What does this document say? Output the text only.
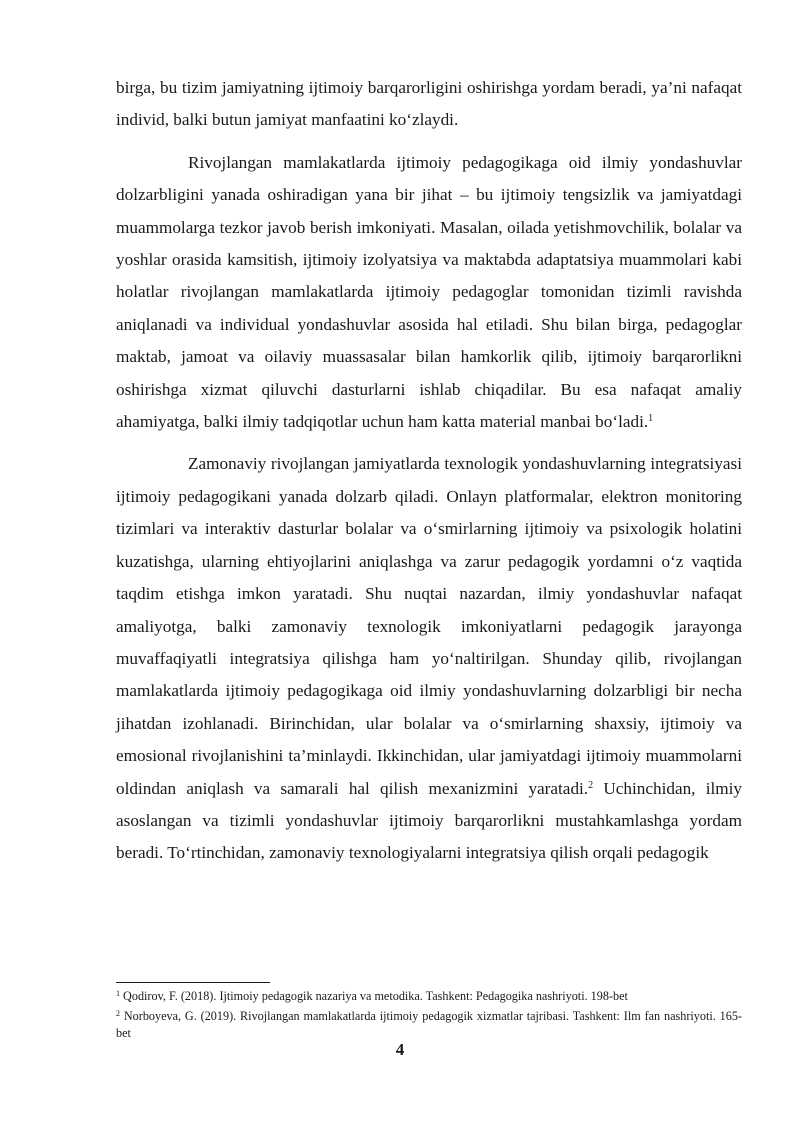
birga, bu tizim jamiyatning ijtimoiy barqarorligini oshirishga yordam beradi, ya’ni nafaqat individ, balki butun jamiyat manfaatini ko‘zlaydi.

Rivojlangan mamlakatlarda ijtimoiy pedagogikaga oid ilmiy yondashuvlar dolzarbligini yanada oshiradigan yana bir jihat – bu ijtimoiy tengsizlik va jamiyatdagi muammolarga tezkor javob berish imkoniyati. Masalan, oilada yetishmovchilik, bolalar va yoshlar orasida kamsitish, ijtimoiy izolyatsiya va maktabda adaptatsiya muammolari kabi holatlar rivojlangan mamlakatlarda ijtimoiy pedagoglar tomonidan tizimli ravishda aniqlanadi va individual yondashuvlar asosida hal etiladi. Shu bilan birga, pedagoglar maktab, jamoat va oilaviy muassasalar bilan hamkorlik qilib, ijtimoiy barqarorlikni oshirishga xizmat qiluvchi dasturlarni ishlab chiqadilar. Bu esa nafaqat amaliy ahamiyatga, balki ilmiy tadqiqotlar uchun ham katta material manbai bo‘ladi.$^1$

Zamonaviy rivojlangan jamiyatlarda texnologik yondashuvlarning integratsiyasi ijtimoiy pedagogikani yanada dolzarb qiladi. Onlayn platformalar, elektron monitoring tizimlari va interaktiv dasturlar bolalar va o‘smirlarning ijtimoiy va psixologik holatini kuzatishga, ularning ehtiyojlarini aniqlashga va zarur pedagogik yordamni o‘z vaqtida taqdim etishga imkon yaratadi. Shu nuqtai nazardan, ilmiy yondashuvlar nafaqat amaliyotga, balki zamonaviy texnologik imkoniyatlarni pedagogik jarayonga muvaffaqiyatli integratsiya qilishga ham yo‘naltirilgan. Shunday qilib, rivojlangan mamlakatlarda ijtimoiy pedagogikaga oid ilmiy yondashuvlarning dolzarbligi bir necha jihatdan izohlanadi. Birinchidan, ular bolalar va o‘smirlarning shaxsiy, ijtimoiy va emosional rivojlanishini ta’minlaydi. Ikkinchidan, ular jamiyatdagi ijtimoiy muammolarni oldindan aniqlash va samarali hal qilish mexanizmini yaratadi.$^2$ Uchinchidan, ilmiy asoslangan va tizimli yondashuvlar ijtimoiy barqarorlikni mustahkamlashga yordam beradi. To‘rtinchidan, zamonaviy texnologiyalarni integratsiya qilish orqali pedagogik

$^1$ Qodirov, F. (2018). Ijtimoiy pedagogik nazariya va metodika. Tashkent: Pedagogika nashriyoti. 198-bet

$^2$ Norboyeva, G. (2019). Rivojlangan mamlakatlarda ijtimoiy pedagogik xizmatlar tajribasi. Tashkent: Ilm fan nashriyoti. 165-bet

4
